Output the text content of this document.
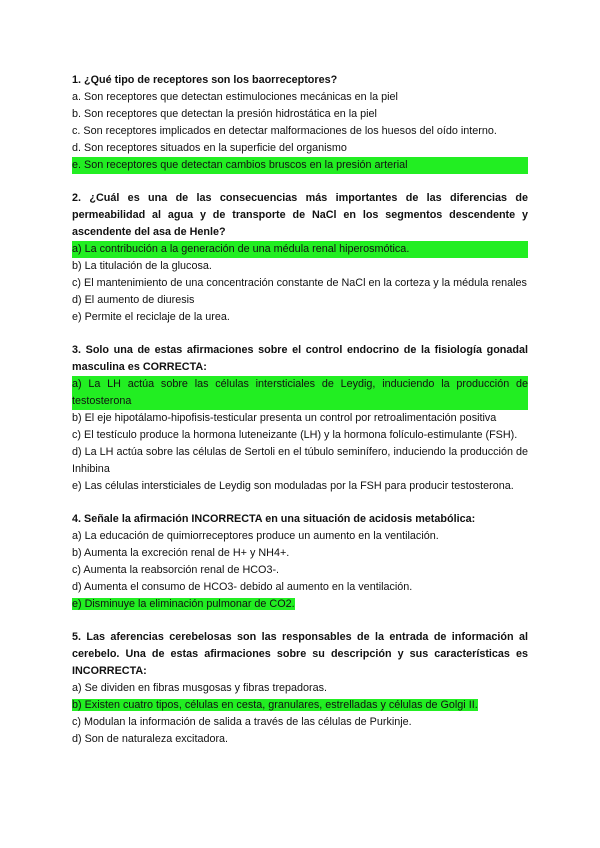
1. ¿Qué tipo de receptores son los baorreceptores?
a. Son receptores que detectan estimulociones mecánicas en la piel
b. Son receptores que detectan la presión hidrostática en la piel
c. Son receptores implicados en detectar malformaciones de los huesos del oído interno.
d. Son receptores situados en la superficie del organismo
e. Son receptores que detectan cambios bruscos en la presión arterial
2. ¿Cuál es una de las consecuencias más importantes de las diferencias de permeabilidad al agua y de transporte de NaCl en los segmentos descendente y ascendente del asa de Henle?
a) La contribución a la generación de una médula renal hiperosmótica.
b) La titulación de la glucosa.
c) El mantenimiento de una concentración constante de NaCl en la corteza y la médula renales
d) El aumento de diuresis
e) Permite el reciclaje de la urea.
3. Solo una de estas afirmaciones sobre el control endocrino de la fisiología gonadal masculina es CORRECTA:
a) La LH actúa sobre las células intersticiales de Leydig, induciendo la producción de testosterona
b) El eje hipotálamo-hipofisis-testicular presenta un control por retroalimentación positiva
c) El testículo produce la hormona luteneizante (LH) y la hormona folículo-estimulante (FSH).
d) La LH actúa sobre las células de Sertoli en el túbulo seminífero, induciendo la producción de Inhibina
e) Las células intersticiales de Leydig son moduladas por la FSH para producir testosterona.
4. Señale la afirmación INCORRECTA en una situación de acidosis metabólica:
a) La educación de quimiorreceptores produce un aumento en la ventilación.
b) Aumenta la excreción renal de H+ y NH4+.
c) Aumenta la reabsorción renal de HCO3-.
d) Aumenta el consumo de HCO3- debido al aumento en la ventilación.
e) Disminuye la eliminación pulmonar de CO2.
5. Las aferencias cerebelosas son las responsables de la entrada de información al cerebelo. Una de estas afirmaciones sobre su descripción y sus características es INCORRECTA:
a) Se dividen en fibras musgosas y fibras trepadoras.
b) Existen cuatro tipos, células en cesta, granulares, estrelladas y células de Golgi II.
c) Modulan la información de salida a través de las células de Purkinje.
d) Son de naturaleza excitadora.
